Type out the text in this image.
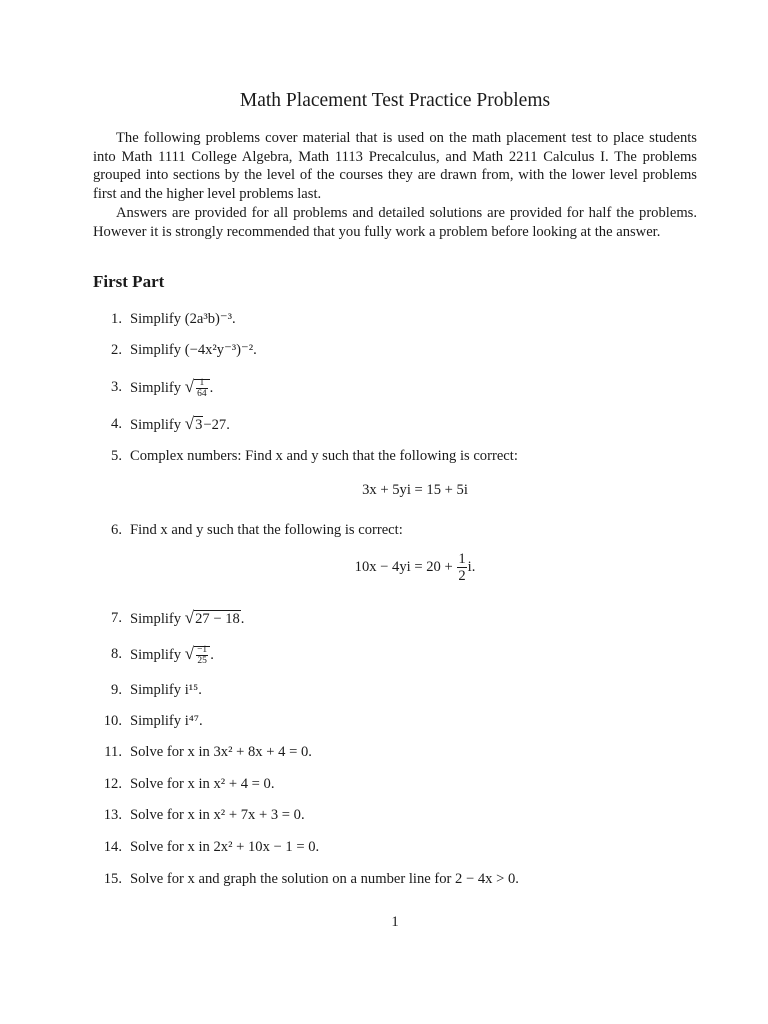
Math Placement Test Practice Problems

The following problems cover material that is used on the math placement test to place students into Math 1111 College Algebra, Math 1113 Precalculus, and Math 2211 Calculus I. The problems grouped into sections by the level of the courses they are drawn from, with the lower level problems first and the higher level problems last.

Answers are provided for all problems and detailed solutions are provided for half the problems. However it is strongly recommended that you fully work a problem before looking at the answer.

First Part
1. Simplify (2a³b)⁻³.
2. Simplify (−4x²y⁻³)⁻².
3. Simplify √ $\frac{1}{64}$ .
4. Simplify √3−27.
5. Complex numbers: Find x and y such that the following is correct:
3x + 5yi = 15 + 5i
6. Find x and y such that the following is correct:
$10x - 4yi = 20 + \frac{1}{2} i$.
7. Simplify √27 − 18.
8. Simplify √ $\frac{-1}{25}$ .
9. Simplify i¹⁵.
10. Simplify i⁴⁷.
11. Solve for x in 3x² + 8x + 4 = 0.
12. Solve for x in x² + 4 = 0.
13. Solve for x in x² + 7x + 3 = 0.
14. Solve for x in 2x² + 10x − 1 = 0.
15. Solve for x and graph the solution on a number line for 2 − 4x > 0.
1
